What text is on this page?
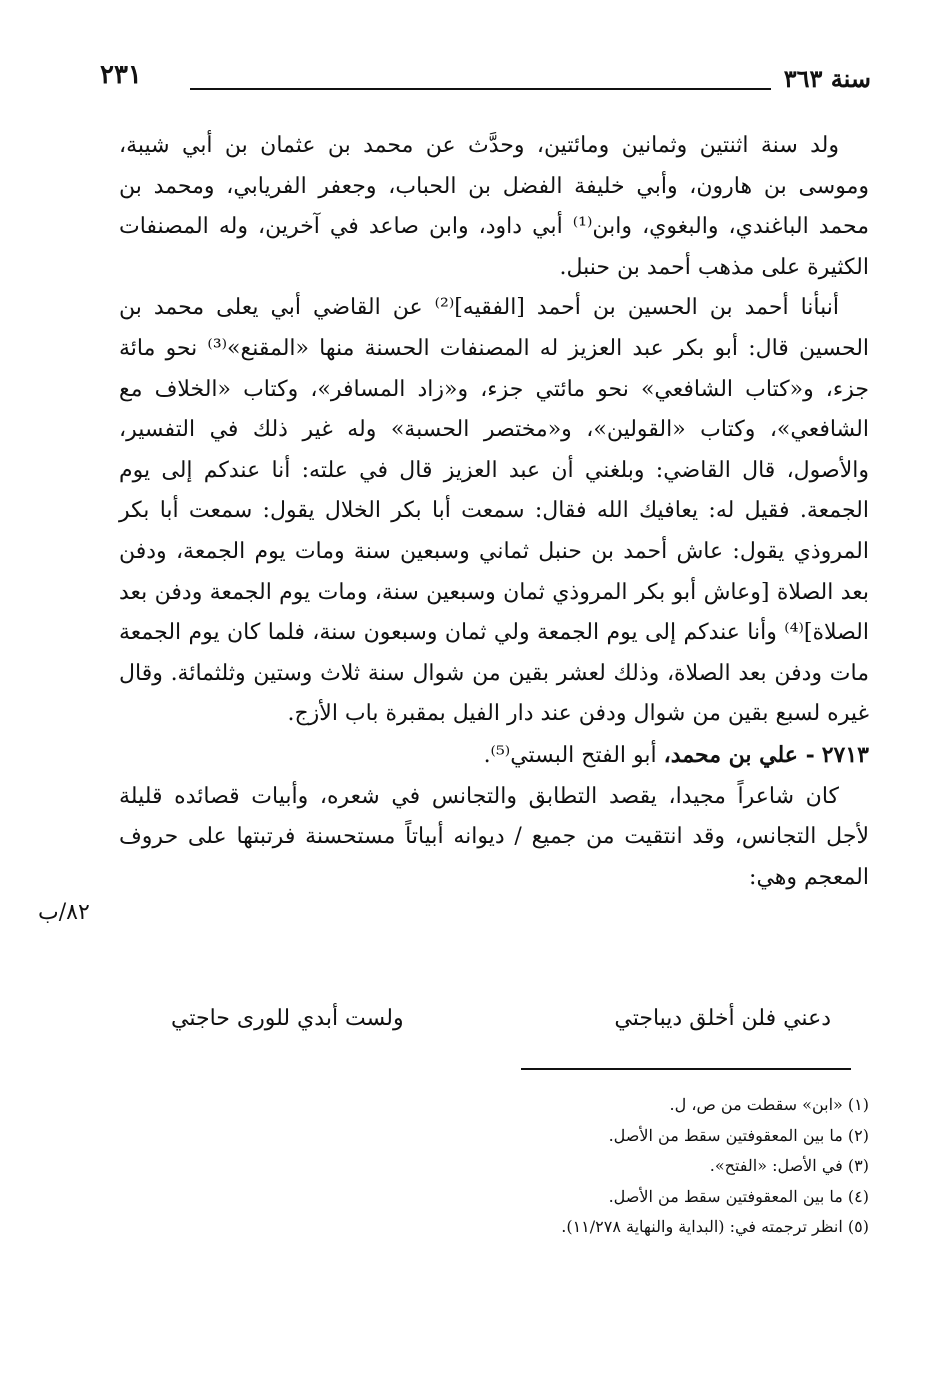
سنة ٣٦٣
٢٣١

ولد سنة اثنتين وثمانين ومائتين، وحدَّث عن محمد بن عثمان بن أبي شيبة، وموسى بن هارون، وأبي خليفة الفضل بن الحباب، وجعفر الفريابي، ومحمد بن محمد الباغندي، والبغوي، وابن⁽¹⁾ أبي داود، وابن صاعد في آخرين، وله المصنفات الكثيرة على مذهب أحمد بن حنبل.

أنبأنا أحمد بن الحسين بن أحمد [الفقيه]⁽²⁾ عن القاضي أبي يعلى محمد بن الحسين قال: أبو بكر عبد العزيز له المصنفات الحسنة منها «المقنع»⁽³⁾ نحو مائة جزء، و«كتاب الشافعي» نحو مائتي جزء، و«زاد المسافر»، وكتاب «الخلاف مع الشافعي»، وكتاب «القولين»، و«مختصر الحسبة» وله غير ذلك في التفسير، والأصول، قال القاضي: وبلغني أن عبد العزيز قال في علته: أنا عندكم إلى يوم الجمعة. فقيل له: يعافيك الله فقال: سمعت أبا بكر الخلال يقول: سمعت أبا بكر المروذي يقول: عاش أحمد بن حنبل ثماني وسبعين سنة ومات يوم الجمعة، ودفن بعد الصلاة [وعاش أبو بكر المروذي ثمان وسبعين سنة، ومات يوم الجمعة ودفن بعد الصلاة]⁽⁴⁾ وأنا عندكم إلى يوم الجمعة ولي ثمان وسبعون سنة، فلما كان يوم الجمعة مات ودفن بعد الصلاة، وذلك لعشر بقين من شوال سنة ثلاث وستين وثلثمائة. وقال غيره لسبع بقين من شوال ودفن عند دار الفيل بمقبرة باب الأزج.

٢٧١٣ - علي بن محمد، أبو الفتح البستي⁽⁵⁾.

كان شاعراً مجيدا، يقصد التطابق والتجانس في شعره، وأبيات قصائده قليلة لأجل التجانس، وقد انتقيت من جميع / ديوانه أبياتاً مستحسنة فرتبتها على حروف المعجم وهي:

٨٢/ب
دعني فلن أخلق ديباجتي
ولست أبدي للورى حاجتي
(١) «ابن» سقطت من ص، ل.
(٢) ما بين المعقوفتين سقط من الأصل.
(٣) في الأصل: «الفتح».
(٤) ما بين المعقوفتين سقط من الأصل.
(٥) انظر ترجمته في: (البداية والنهاية ١١/٢٧٨).
